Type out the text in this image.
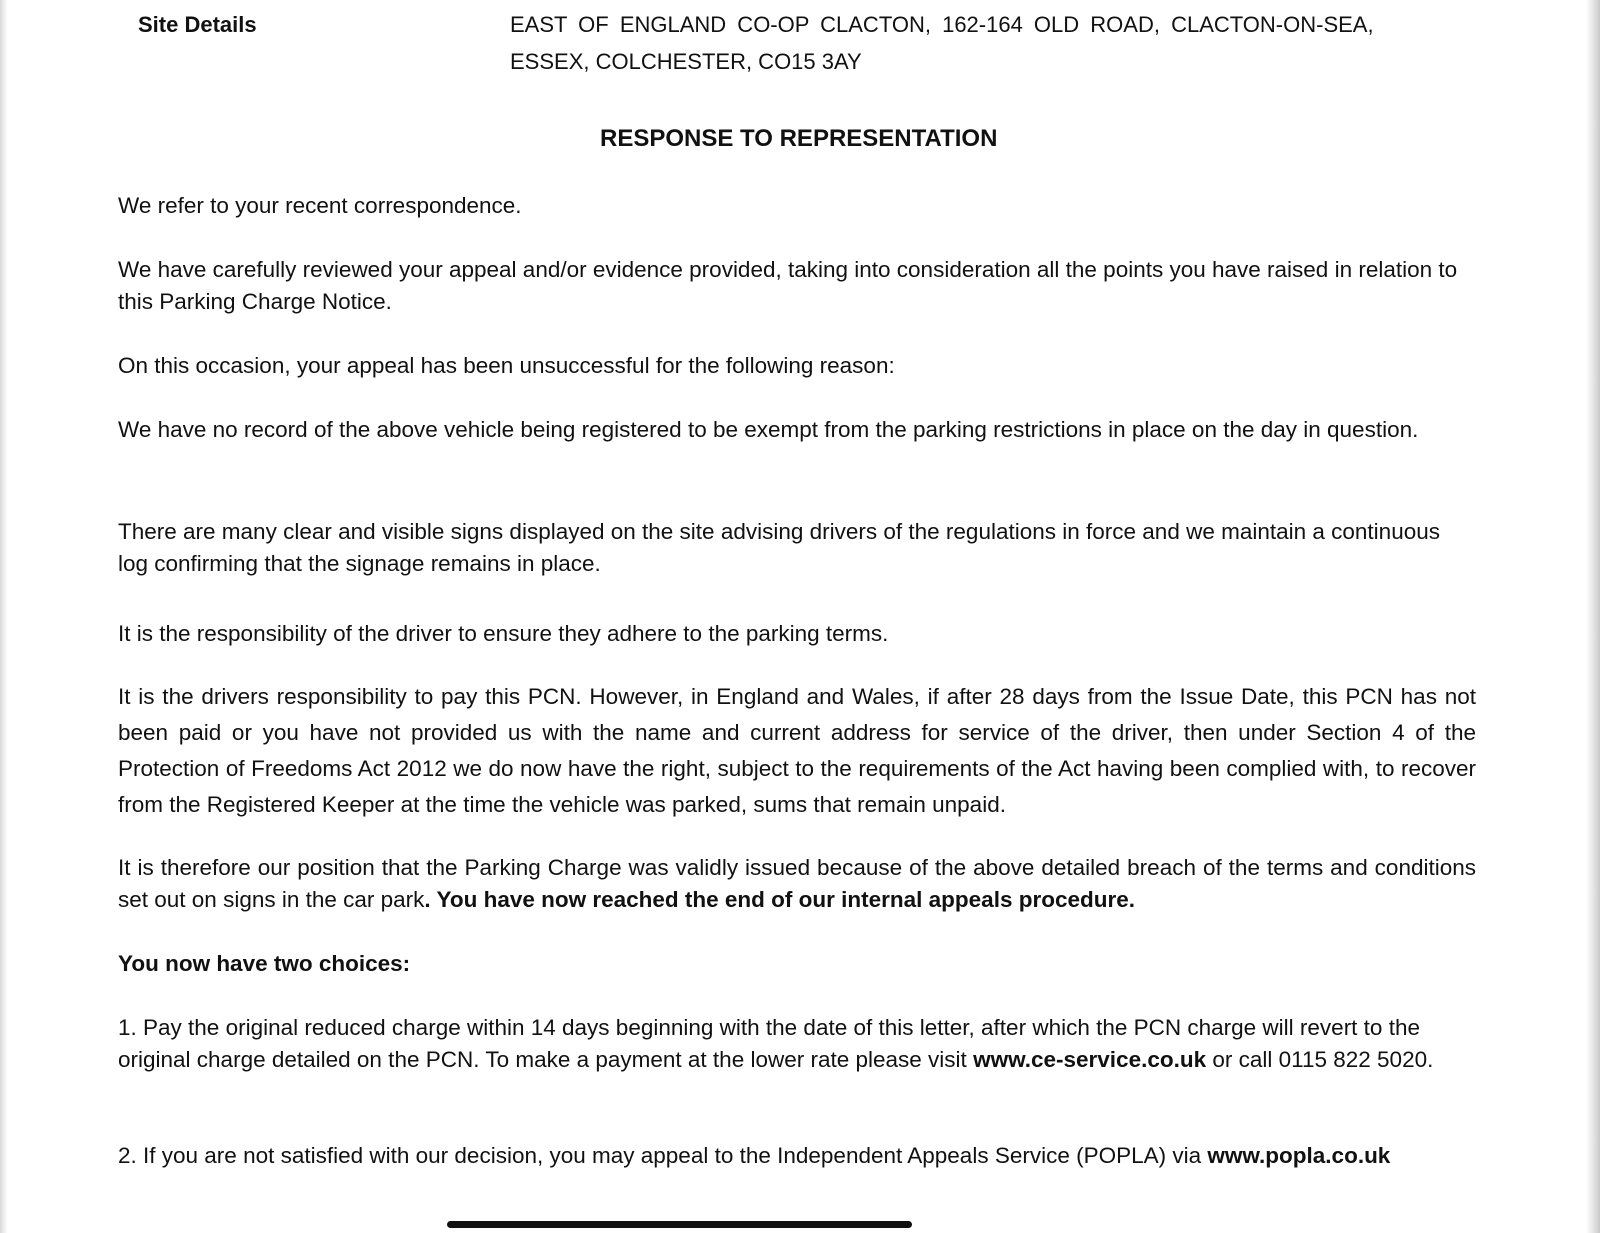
Site Details	EAST OF ENGLAND CO-OP CLACTON, 162-164 OLD ROAD, CLACTON-ON-SEA,
ESSEX, COLCHESTER, CO15 3AY
RESPONSE TO REPRESENTATION
We refer to your recent correspondence.
We have carefully reviewed your appeal and/or evidence provided, taking into consideration all the points you have raised in relation to this Parking Charge Notice.
On this occasion, your appeal has been unsuccessful for the following reason:
We have no record of the above vehicle being registered to be exempt from the parking restrictions in place on the day in question.
There are many clear and visible signs displayed on the site advising drivers of the regulations in force and we maintain a continuous log confirming that the signage remains in place.
It is the responsibility of the driver to ensure they adhere to the parking terms.
It is the drivers responsibility to pay this PCN. However, in England and Wales, if after 28 days from the Issue Date, this PCN has not been paid or you have not provided us with the name and current address for service of the driver, then under Section 4 of the Protection of Freedoms Act 2012 we do now have the right, subject to the requirements of the Act having been complied with, to recover from the Registered Keeper at the time the vehicle was parked, sums that remain unpaid.
It is therefore our position that the Parking Charge was validly issued because of the above detailed breach of the terms and conditions set out on signs in the car park. You have now reached the end of our internal appeals procedure.
You now have two choices:
1. Pay the original reduced charge within 14 days beginning with the date of this letter, after which the PCN charge will revert to the original charge detailed on the PCN. To make a payment at the lower rate please visit www.ce-service.co.uk or call 0115 822 5020.
2. If you are not satisfied with our decision, you may appeal to the Independent Appeals Service (POPLA) via www.popla.co.uk
